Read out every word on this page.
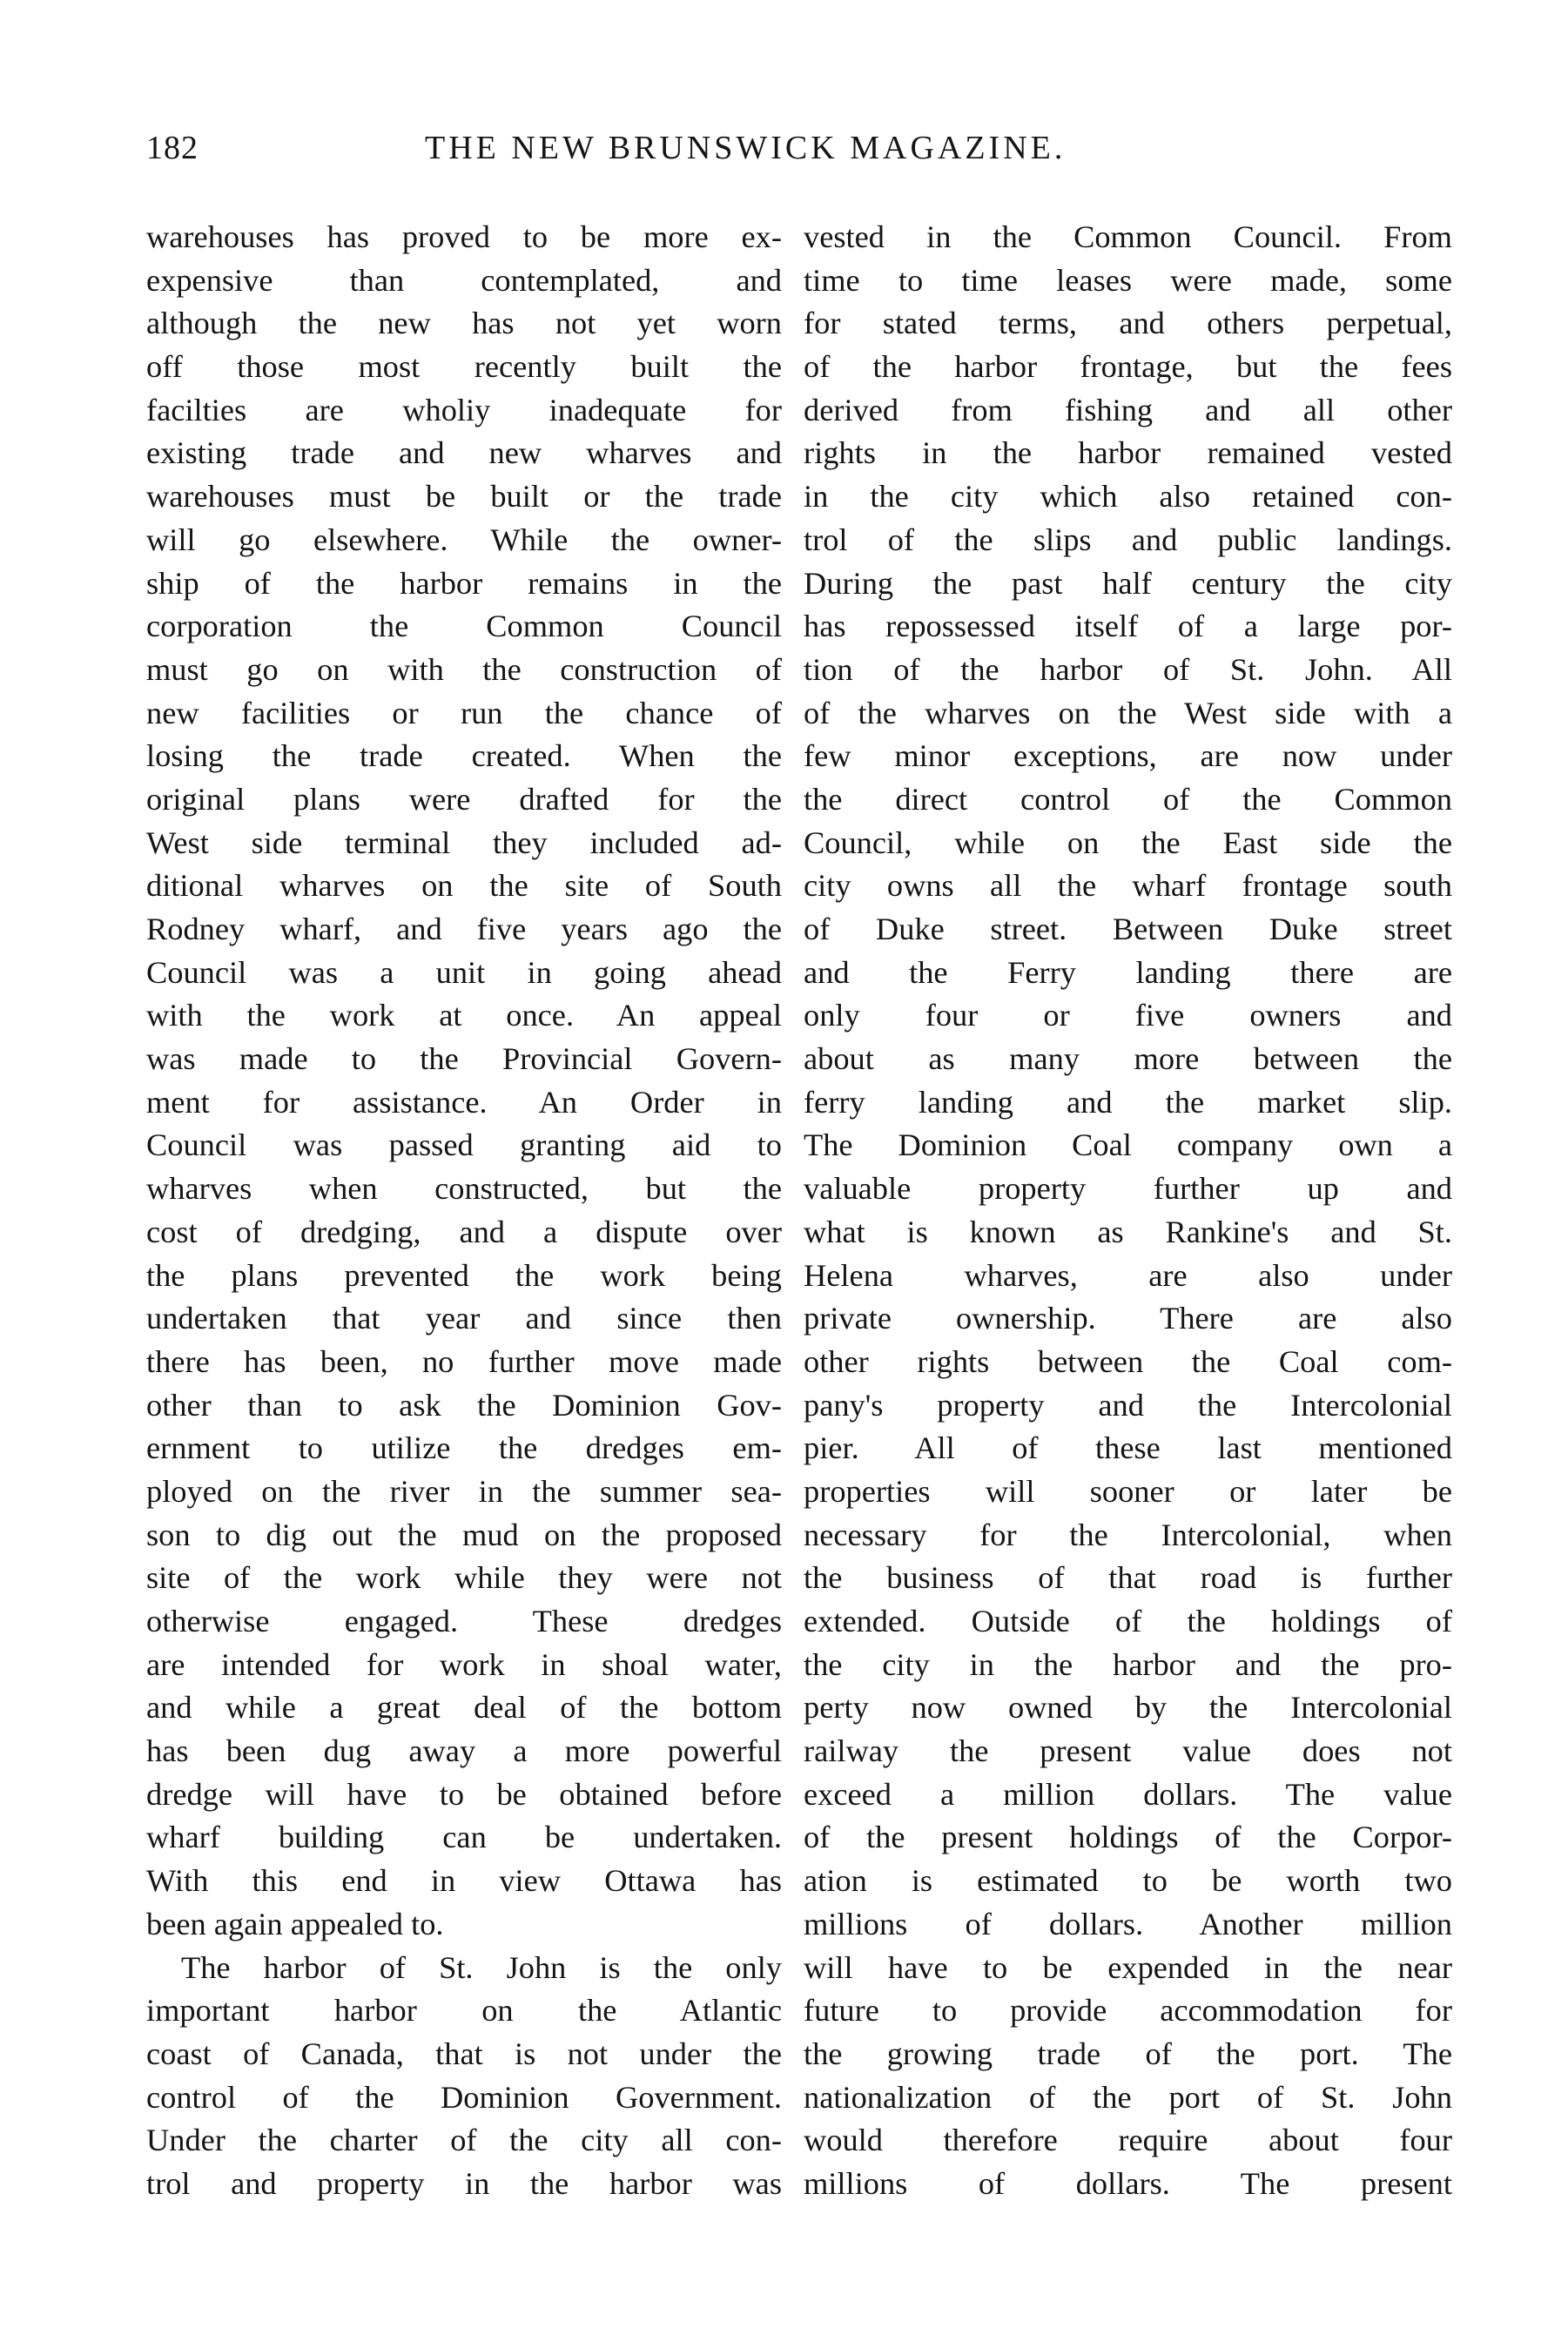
182	THE NEW BRUNSWICK MAGAZINE.
warehouses has proved to be more ex-
expensive than contemplated, and
although the new has not yet worn
off those most recently built the
facilties are wholiy inadequate for
existing trade and new wharves and
warehouses must be built or the trade
will go elsewhere. While the owner-
ship of the harbor remains in the
corporation the Common Council
must go on with the construction of
new facilities or run the chance of
losing the trade created. When the
original plans were drafted for the
West side terminal they included ad-
ditional wharves on the site of South
Rodney wharf, and five years ago the
Council was a unit in going ahead
with the work at once. An appeal
was made to the Provincial Govern-
ment for assistance. An Order in
Council was passed granting aid to
wharves when constructed, but the
cost of dredging, and a dispute over
the plans prevented the work being
undertaken that year and since then
there has been, no further move made
other than to ask the Dominion Gov-
ernment to utilize the dredges em-
ployed on the river in the summer sea-
son to dig out the mud on the proposed
site of the work while they were not
otherwise engaged. These dredges
are intended for work in shoal water,
and while a great deal of the bottom
has been dug away a more powerful
dredge will have to be obtained before
wharf building can be undertaken.
With this end in view Ottawa has
been again appealed to.
The harbor of St. John is the only
important harbor on the Atlantic
coast of Canada, that is not under the
control of the Dominion Government.
Under the charter of the city all con-
trol and property in the harbor was
vested in the Common Council. From
time to time leases were made, some
for stated terms, and others perpetual,
of the harbor frontage, but the fees
derived from fishing and all other
rights in the harbor remained vested
in the city which also retained con-
trol of the slips and public landings.
During the past half century the city
has repossessed itself of a large por-
tion of the harbor of St. John. All
of the wharves on the West side with a
few minor exceptions, are now under
the direct control of the Common
Council, while on the East side the
city owns all the wharf frontage south
of Duke street. Between Duke street
and the Ferry landing there are
only four or five owners and
about as many more between the
ferry landing and the market slip.
The Dominion Coal company own a
valuable property further up and
what is known as Rankine's and St.
Helena wharves, are also under
private ownership. There are also
other rights between the Coal com-
pany's property and the Intercolonial
pier. All of these last mentioned
properties will sooner or later be
necessary for the Intercolonial, when
the business of that road is further
extended. Outside of the holdings of
the city in the harbor and the pro-
perty now owned by the Intercolonial
railway the present value does not
exceed a million dollars. The value
of the present holdings of the Corpor-
ation is estimated to be worth two
millions of dollars. Another million
will have to be expended in the near
future to provide accommodation for
the growing trade of the port. The
nationalization of the port of St. John
would therefore require about four
millions of dollars. The present
